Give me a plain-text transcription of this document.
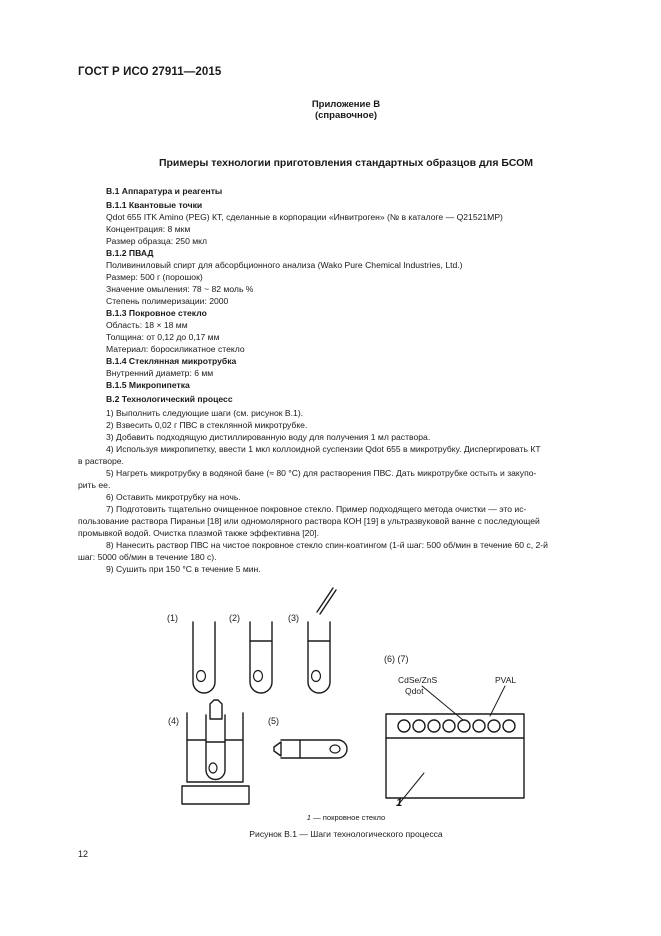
ГОСТ Р ИСО 27911—2015
Приложение В
(справочное)
Примеры технологии приготовления стандартных образцов для БСОМ
В.1 Аппаратура и реагенты
В.1.1 Квантовые точки
Qdot 655 ITK Amino (PEG) КТ, сделанные в корпорации «Инвитроген» (№ в каталоге — Q21521MP)
Концентрация: 8 мкм
Размер образца: 250 мкл
В.1.2 ПВАД
Поливиниловый спирт для абсорбционного анализа (Wako Pure Chemical Industries, Ltd.)
Размер: 500 г (порошок)
Значение омыления: 78 ~ 82 моль %
Степень полимеризации: 2000
В.1.3 Покровное стекло
Область: 18 × 18 мм
Толщина: от 0,12 до 0,17 мм
Материал: боросиликатное стекло
В.1.4 Стеклянная микротрубка
Внутренний диаметр: 6 мм
В.1.5 Микропипетка
В.2 Технологический процесс
1) Выполнить следующие шаги (см. рисунок В.1).
2) Взвесить 0,02 г ПВС в стеклянной микротрубке.
3) Добавить подходящую дистиллированную воду для получения 1 мл раствора.
4) Используя микропипетку, ввести 1 мкл коллоидной суспензии Qdot 655 в микротрубку. Диспергировать КТ
в растворе.
5) Нагреть микротрубку в водяной бане (≈ 80 °С) для растворения ПВС. Дать микротрубке остыть и закупо-
рить ее.
6) Оставить микротрубку на ночь.
7) Подготовить тщательно очищенное покровное стекло. Пример подходящего метода очистки — это ис-
пользование раствора Пираньи [18] или одномолярного раствора КОН [19] в ультразвуковой ванне с последующей
промывкой водой. Очистка плазмой также эффективна [20].
8) Нанесить раствор ПВС на чистое покровное стекло спин-коатингом (1-й шаг: 500 об/мин в течение 60 с, 2-й
шаг: 5000 об/мин в течение 180 с).
9) Сушить при 150 °С в течение 5 мин.
(1)	(2)	(3)
(4)	(5)
(6) (7)
CdSe/ZnS
Qdot
PVAL
1
1 — покровное стекло
Рисунок В.1 — Шаги технологического процесса
12
